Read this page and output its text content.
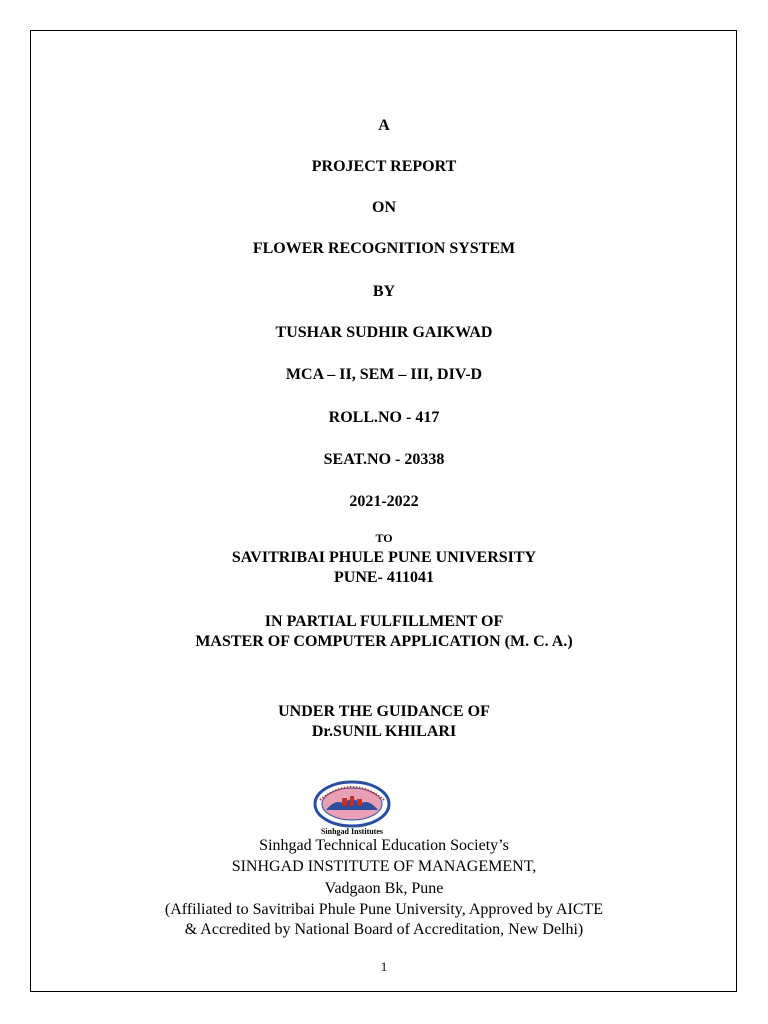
A
PROJECT REPORT
ON
FLOWER RECOGNITION SYSTEM
BY
TUSHAR SUDHIR GAIKWAD
MCA – II, SEM – III, DIV-D
ROLL.NO - 417
SEAT.NO - 20338
2021-2022
TO
SAVITRIBAI PHULE PUNE UNIVERSITY
PUNE- 411041
IN PARTIAL FULFILLMENT OF
MASTER OF COMPUTER APPLICATION (M. C. A.)
UNDER THE GUIDANCE OF
Dr.SUNIL KHILARI
Sinhgad Institutes
Sinhgad Technical Education Society’s
SINHGAD INSTITUTE OF MANAGEMENT,
Vadgaon Bk, Pune
(Affiliated to Savitribai Phule Pune University, Approved by AICTE
& Accredited by National Board of Accreditation, New Delhi)
1
